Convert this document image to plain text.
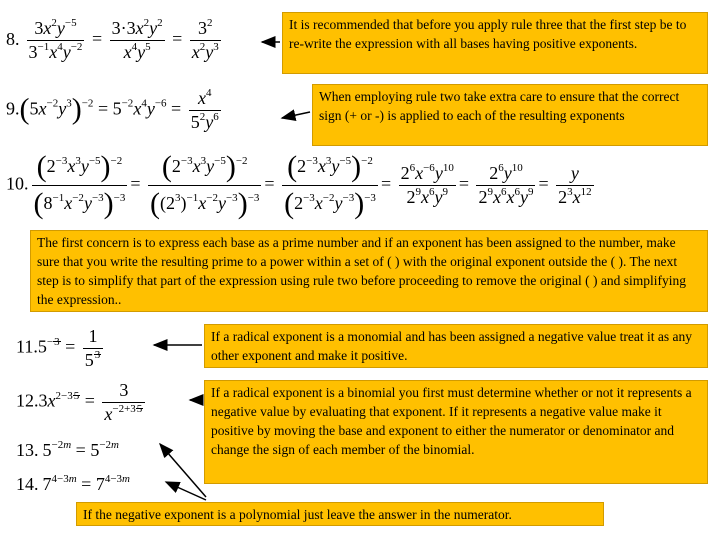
8. $\frac{3x^2y^{-5}}{3^{-1}x^4y^{-2}} = \frac{3\cdot 3x^2y^2}{x^4y^5} = \frac{3^2}{x^2y^3}$
$9.(5x^{-2}y^3)^{-2} = 5^{-2}x^4y^{-6} = \frac{x^4}{5^2y^6}$
10. $\frac{(2^{-3}x^3y^{-5})^{-2}}{(8^{-1}x^{-2}y^{-3})^{-3}} = \frac{(2^{-3}x^3y^{-5})^{-2}}{((2^3)^{-1}x^{-2}y^{-3})^{-3}} = \frac{(2^{-3}x^3y^{-5})^{-2}}{(2^{-3}x^{-2}y^{-3})^{-3}} = \frac{2^6x^{-6}y^{10}}{2^9x^6y^9} = \frac{2^6y^{10}}{2^9x^6x^6y^9} = \frac{y}{2^3x^{12}}$
$11.5^{-3} = \frac{1}{5^3}$
$12.3x^{2-35} = \frac{3}{x^{-2+35}}$
13. $5^{-2m} = 5^{-2m}$
14. $7^{4-3m} = 7^{4-3m}$
It is recommended that before you apply rule three that the first step be to re-write the expression with all bases having positive exponents.
When employing rule two take extra care to ensure that the correct sign (+ or -) is applied to each of the resulting exponents
The first concern is to express each base as a prime number and if an exponent has been assigned to the number, make sure that you write the resulting prime to a power within a set of ( ) with the original exponent outside the ( ). The next step is to simplify that part of the expression using rule two before proceeding to remove the original ( ) and simplifying the expression..
If a radical exponent is a monomial and has been assigned a negative value treat it as any other exponent and make it positive.
If a radical exponent is a binomial you first must determine whether or not it represents a negative value by evaluating that exponent. If it represents a negative value make it positive by moving the base and exponent to either the numerator or denominator and change the sign of each member of the binomial.
If the negative exponent is a polynomial just leave the answer in the numerator.
